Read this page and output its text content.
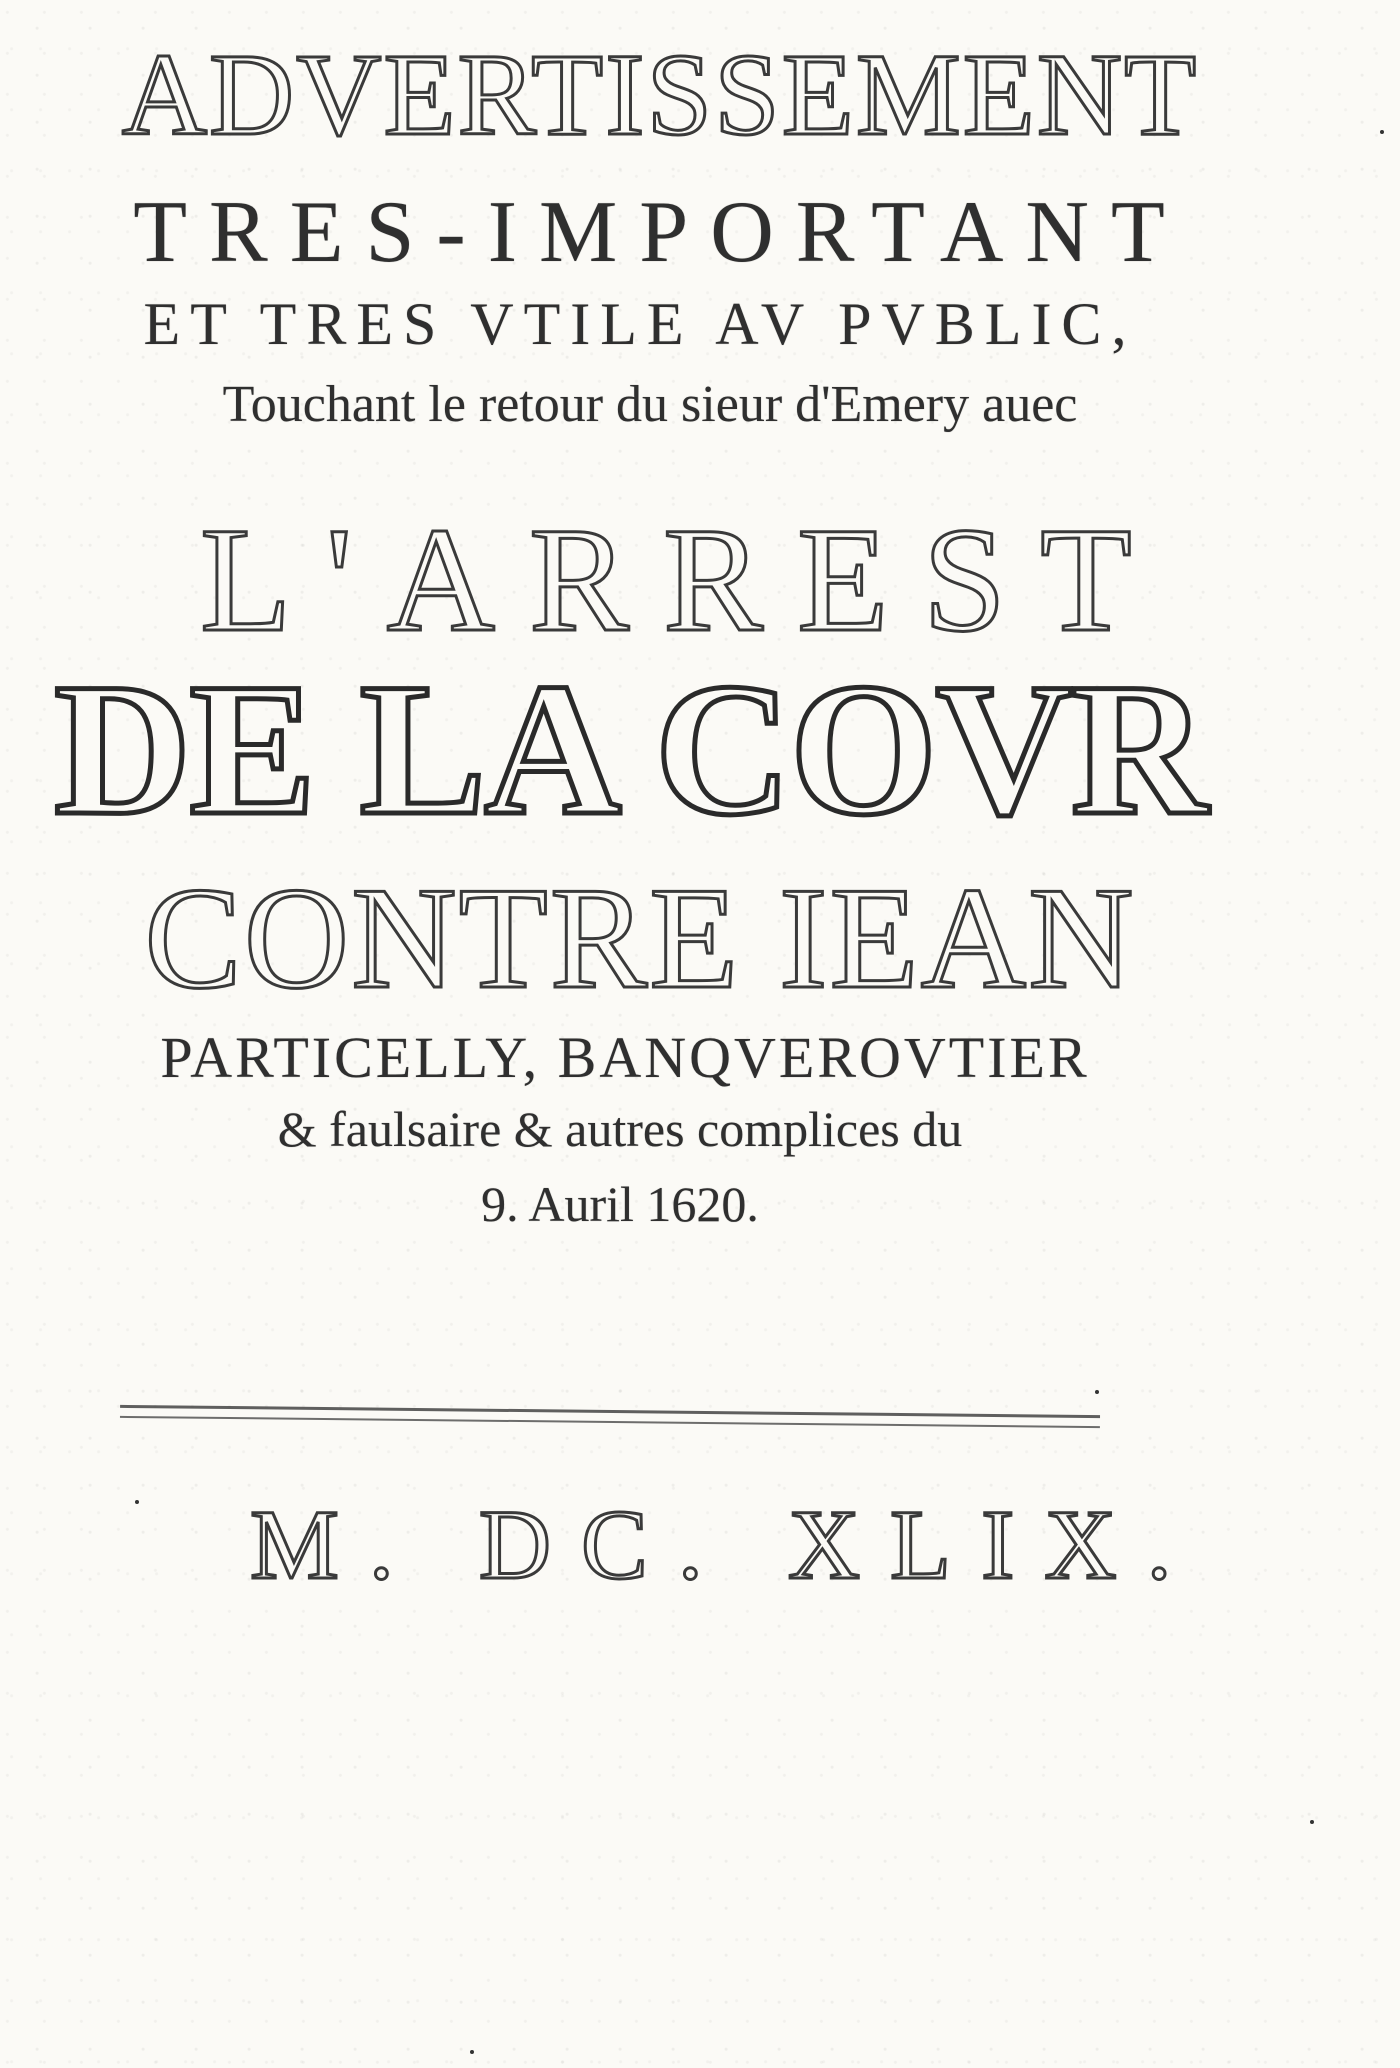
ADVERTISSEMENT
TRES-IMPORTANT
ET TRES VTILE AV PVBLIC,
Touchant le retour du sieur d'Emery auec
L'ARREST
DE LA COVR
CONTRE IEAN
PARTICELLY, BANQVEROVTIER
& faulsaire & autres complices du
9. Auril 1620.
M. DC. XLIX.
